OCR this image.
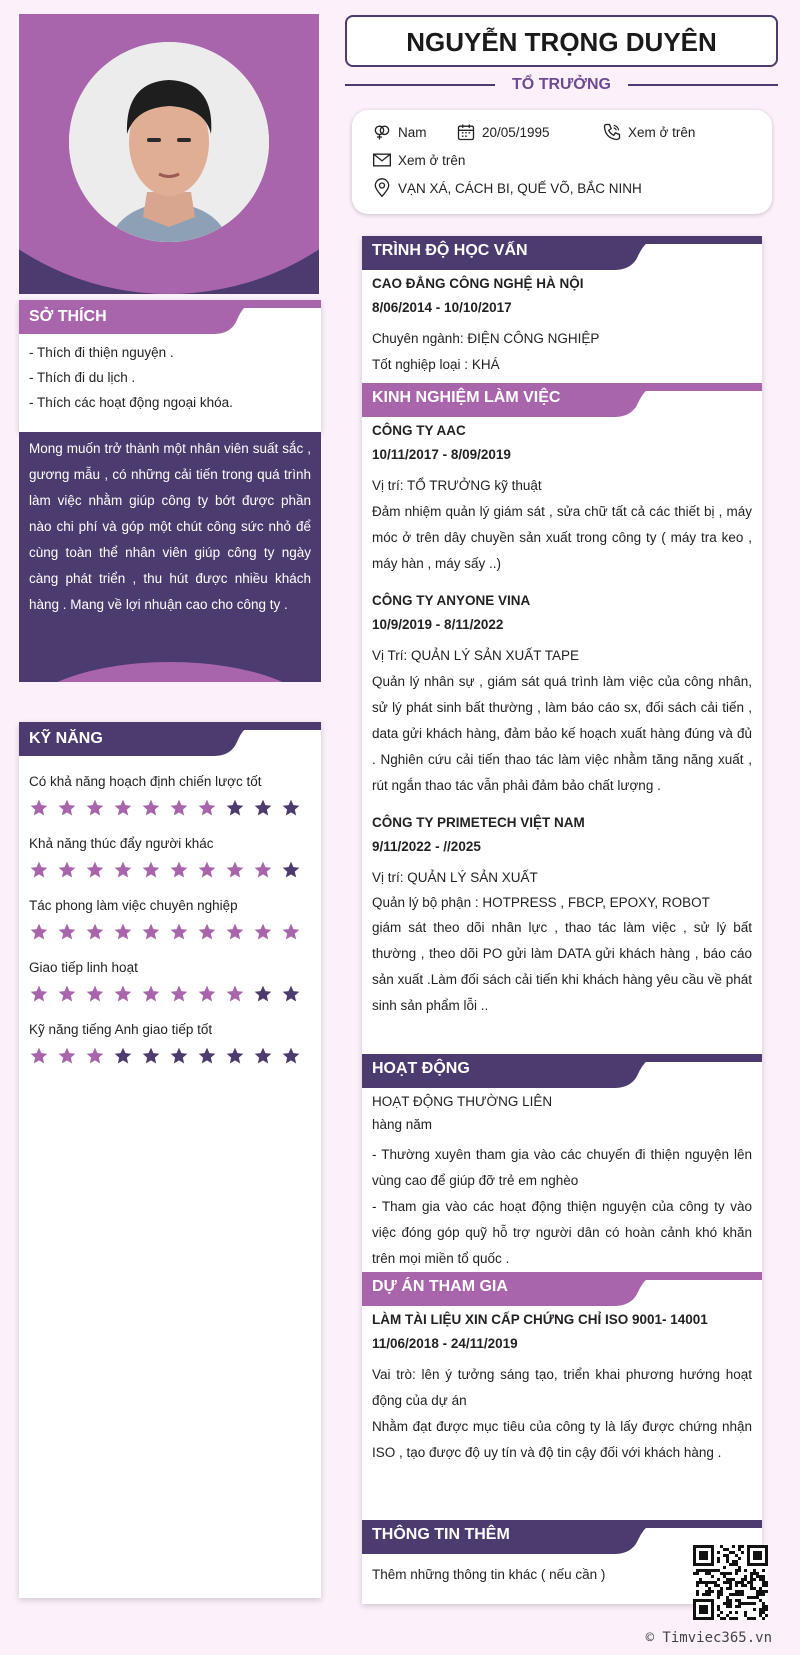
SỞ THÍCH
- Thích đi thiện nguyện .
- Thích đi du lịch .
- Thích các hoạt động ngoại khóa.

Mong muốn trở thành một nhân viên suất sắc , gương mẫu , có những cải tiến trong quá trình làm việc nhằm giúp công ty bớt được phần nào chi phí và góp một chút công sức nhỏ để cùng toàn thể nhân viên giúp công ty ngày càng phát triển , thu hút được nhiều khách hàng . Mang về lợi nhuận cao cho công ty .

KỸ NĂNG
Có khả năng hoạch định chiến lược tốt
Khả năng thúc đẩy người khác
Tác phong làm việc chuyên nghiệp
Giao tiếp linh hoạt
Kỹ năng tiếng Anh giao tiếp tốt
NGUYỄN TRỌNG DUYÊN
TỔ TRƯỞNG
Nam	20/05/1995	Xem ở trên
Xem ở trên
VẠN XÁ, CÁCH BI, QUẾ VÕ, BẮC NINH
TRÌNH ĐỘ HỌC VẤN
CAO ĐẲNG CÔNG NGHỆ HÀ NỘI
8/06/2014 - 10/10/2017
Chuyên ngành: ĐIỆN CÔNG NGHIỆP
Tốt nghiệp loại : KHÁ
KINH NGHIỆM LÀM VIỆC
CÔNG TY AAC
10/11/2017 - 8/09/2019
Vị trí: TỔ TRƯỞNG kỹ thuật
Đảm nhiệm quản lý giám sát , sửa chữ tất cả các thiết bị , máy móc ở trên dây chuyền sản xuất trong công ty ( máy tra keo , máy hàn , máy sấy ..)
CÔNG TY ANYONE VINA
10/9/2019 - 8/11/2022
Vị Trí: QUẢN LÝ SẢN XUẤT TAPE
Quản lý nhân sự , giám sát quá trình làm việc của công nhân, sử lý phát sinh bất thường , làm báo cáo sx, đối sách cải tiến , data gửi khách hàng, đảm bảo kế hoạch xuất hàng đúng và đủ . Nghiên cứu cải tiến thao tác làm việc nhằm tăng năng xuất , rút ngắn thao tác vẫn phải đảm bảo chất lượng .
CÔNG TY PRIMETECH VIỆT NAM
9/11/2022 - //2025
Vị trí: QUẢN LÝ SẢN XUẤT
Quản lý bộ phận : HOTPRESS , FBCP, EPOXY, ROBOT
giám sát theo dõi nhân lực , thao tác làm việc , sử lý bất thường , theo dõi PO gửi làm DATA gửi khách hàng , báo cáo sản xuất .Làm đối sách cải tiến khi khách hàng yêu cầu về phát sinh sản phẩm lỗi ..
HOẠT ĐỘNG
HOẠT ĐỘNG THƯỜNG LIÊN
hàng năm
- Thường xuyên tham gia vào các chuyến đi thiện nguyện lên vùng cao để giúp đỡ trẻ em nghèo
- Tham gia vào các hoạt động thiện nguyện của công ty vào việc đóng góp quỹ hỗ trợ người dân có hoàn cảnh khó khăn trên mọi miền tổ quốc .
DỰ ÁN THAM GIA
LÀM TÀI LIỆU XIN CẤP CHỨNG CHỈ ISO 9001- 14001
11/06/2018 - 24/11/2019
Vai trò: lên ý tưởng sáng tạo, triển khai phương hướng hoạt động của dự án
Nhằm đạt được mục tiêu của công ty là lấy được chứng nhận ISO , tạo được độ uy tín và độ tin cậy đối với khách hàng .
THÔNG TIN THÊM
Thêm những thông tin khác ( nếu cần )
© Timviec365.vn
